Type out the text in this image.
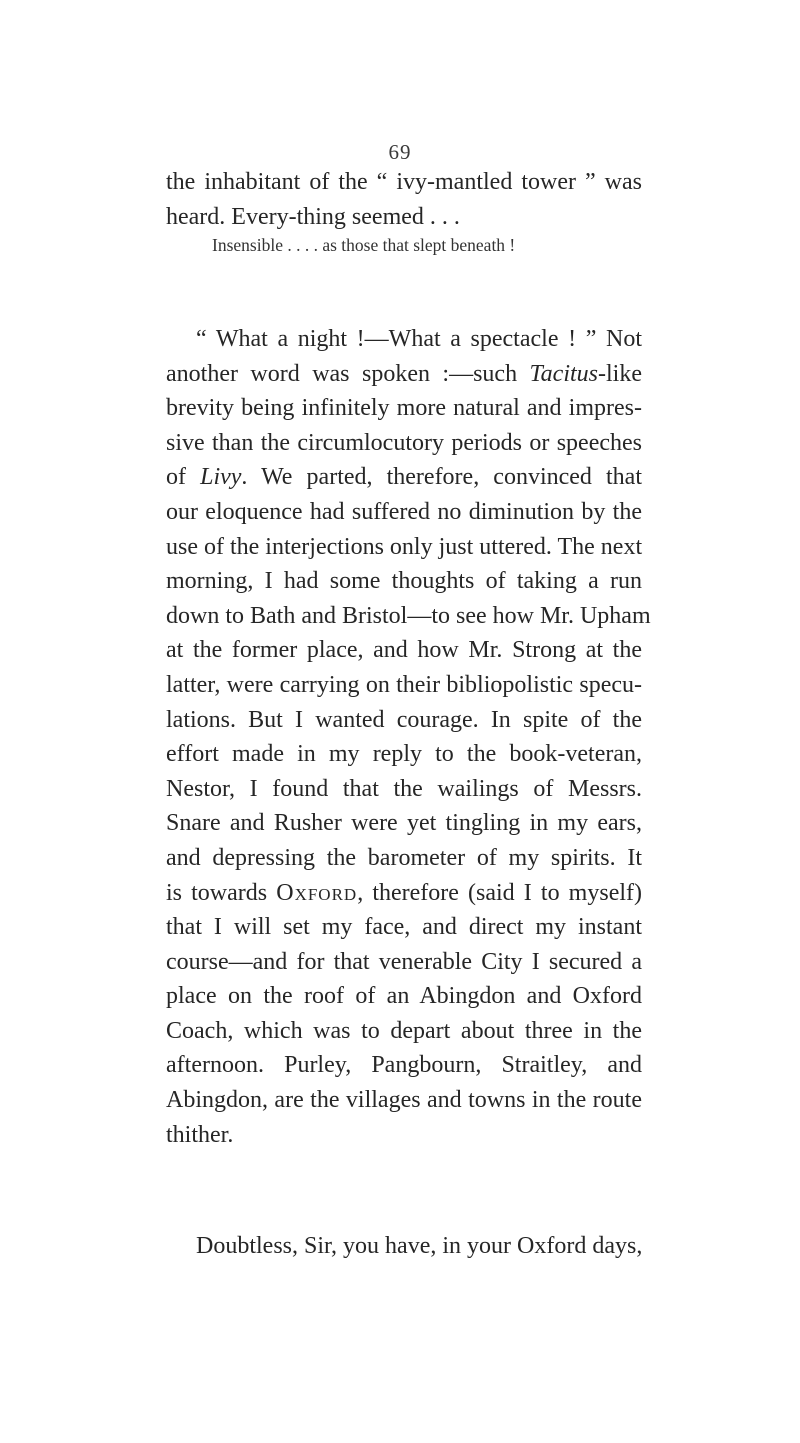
69
the inhabitant of the “ ivy-mantled tower ” was
heard. Every-thing seemed . . .
Insensible . . . . as those that slept beneath !
“ What a night !—What a spectacle ! ” Not
another word was spoken :—such Tacitus-like
brevity being infinitely more natural and impres-
sive than the circumlocutory periods or speeches
of Livy. We parted, therefore, convinced that
our eloquence had suffered no diminution by the
use of the interjections only just uttered. The next
morning, I had some thoughts of taking a run
down to Bath and Bristol—to see how Mr. Upham
at the former place, and how Mr. Strong at the
latter, were carrying on their bibliopolistic specu-
lations. But I wanted courage. In spite of the
effort made in my reply to the book-veteran,
Nestor, I found that the wailings of Messrs.
Snare and Rusher were yet tingling in my ears,
and depressing the barometer of my spirits. It
is towards Oxford, therefore (said I to myself)
that I will set my face, and direct my instant
course—and for that venerable City I secured a
place on the roof of an Abingdon and Oxford
Coach, which was to depart about three in the
afternoon. Purley, Pangbourn, Straitley, and
Abingdon, are the villages and towns in the route
thither.
Doubtless, Sir, you have, in your Oxford days,
